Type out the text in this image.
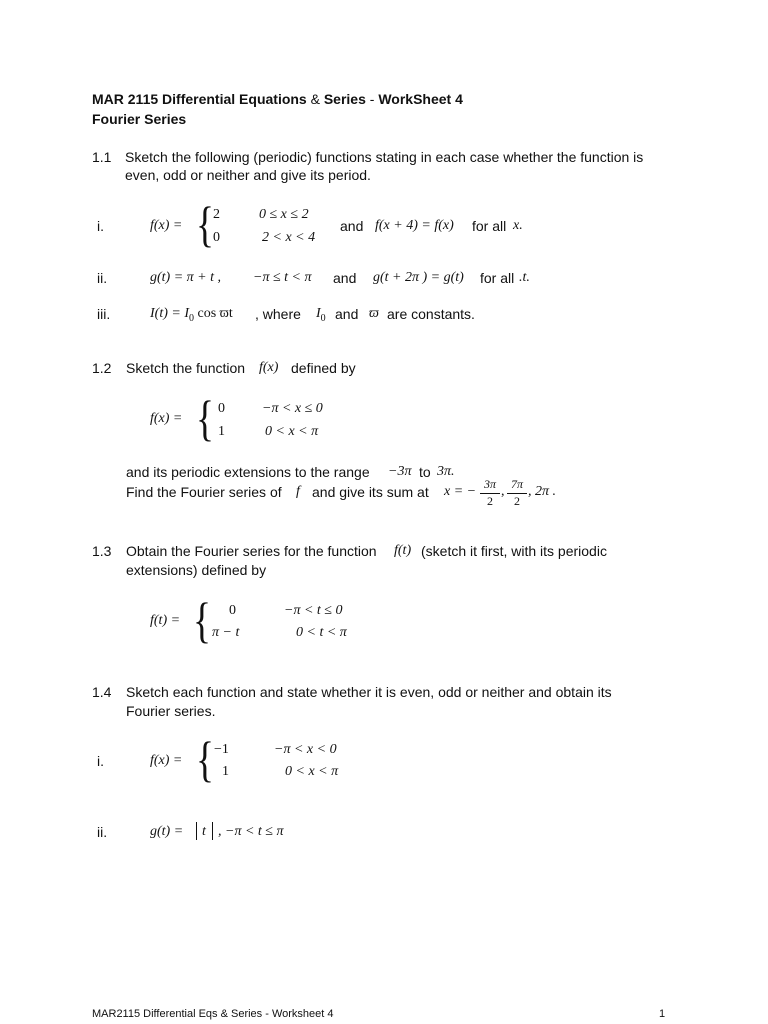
MAR 2115 Differential Equations & Series - WorkSheet 4
Fourier Series
1.1 Sketch the following (periodic) functions stating in each case whether the function is
even, odd or neither and give its period.
i.	f(x) = { 2	0 ≤ x ≤ 2
0	2 < x < 4
and f(x + 4) = f(x) for all x.
ii.	g(t) = π + t , −π ≤ t < π and g(t + 2π ) = g(t) for all .t.
iii.	$I(t) = I_0$ cos ϖt , where $I_0$ and ϖ are constants.
1.2 Sketch the function f(x) defined by
f(x) = { 0	−π < x ≤ 0
1	0 < x < π
and its periodic extensions to the range −3π to 3π.
Find the Fourier series of f and give its sum at x = − 3π
2
, 7π
2
, 2π .
1.3 Obtain the Fourier series for the function f(t) (sketch it first, with its periodic
extensions) defined by
f(t) = { 0	−π < t ≤ 0
π − t	0 < t < π
1.4 Sketch each function and state whether it is even, odd or neither and obtain its
Fourier series.
i.	f(x) = { −1	−π < x < 0
1	0 < x < π
ii.	g(t) = t , −π < t ≤ π
MAR2115 Differential Eqs & Series - Worksheet 4	1
